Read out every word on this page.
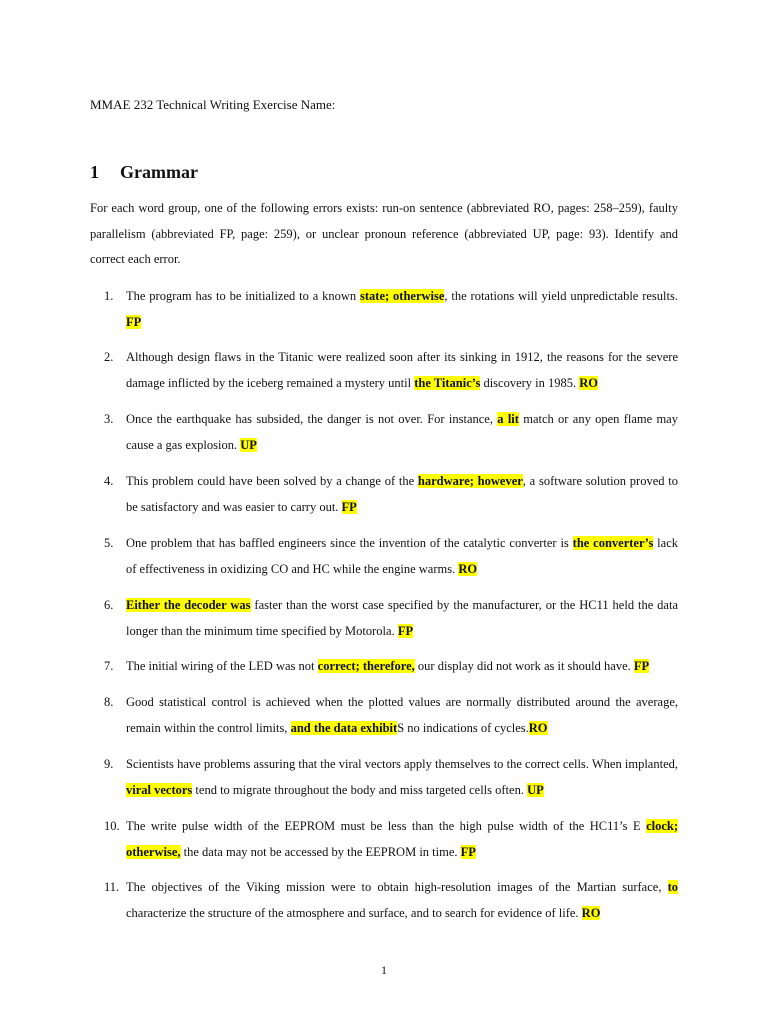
MMAE 232 Technical Writing Exercise Name:
1 Grammar
For each word group, one of the following errors exists: run-on sentence (abbreviated RO, pages: 258–259), faulty parallelism (abbreviated FP, page: 259), or unclear pronoun reference (abbreviated UP, page: 93). Identify and correct each error.
1.	The program has to be initialized to a known state; otherwise, the rotations will yield unpredictable results. FP
2.	Although design flaws in the Titanic were realized soon after its sinking in 1912, the reasons for the severe damage inflicted by the iceberg remained a mystery until the Titanic’s discovery in 1985. RO
3.	Once the earthquake has subsided, the danger is not over. For instance, a lit match or any open flame may cause a gas explosion. UP
4.	This problem could have been solved by a change of the hardware; however, a software solution proved to be satisfactory and was easier to carry out. FP
5.	One problem that has baffled engineers since the invention of the catalytic converter is the converter’s lack of effectiveness in oxidizing CO and HC while the engine warms. RO
6.	Either the decoder was faster than the worst case specified by the manufacturer, or the HC11 held the data longer than the minimum time specified by Motorola. FP
7.	The initial wiring of the LED was not correct; therefore, our display did not work as it should have. FP
8.	Good statistical control is achieved when the plotted values are normally distributed around the average, remain within the control limits, and the data exhibitS no indications of cycles.RO
9.	Scientists have problems assuring that the viral vectors apply themselves to the correct cells. When implanted, viral vectors tend to migrate throughout the body and miss targeted cells often. UP
10. The write pulse width of the EEPROM must be less than the high pulse width of the HC11’s E clock; otherwise, the data may not be accessed by the EEPROM in time. FP
11. The objectives of the Viking mission were to obtain high-resolution images of the Martian surface, to characterize the structure of the atmosphere and surface, and to search for evidence of life. RO
1
